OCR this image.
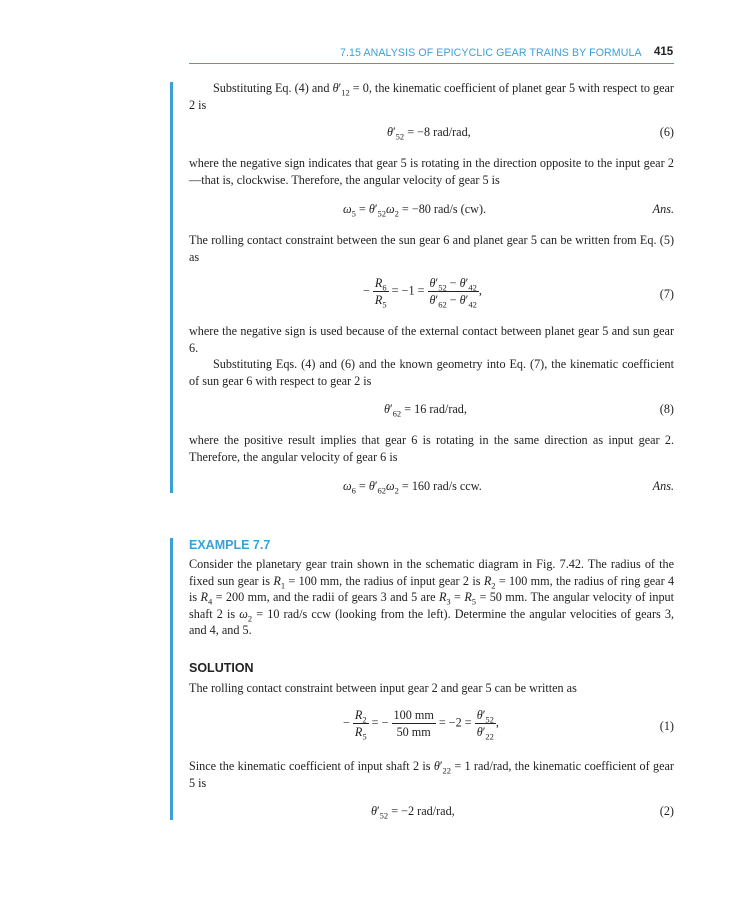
7.15 ANALYSIS OF EPICYCLIC GEAR TRAINS BY FORMULA 415
Substituting Eq. (4) and $\theta'_{12} = 0$, the kinematic coefficient of planet gear 5 with respect to gear 2 is
$\theta'_{52} = -8$ rad/rad,	(6)
where the negative sign indicates that gear 5 is rotating in the direction opposite to the input gear 2—that is, clockwise. Therefore, the angular velocity of gear 5 is
$\omega_5 = \theta'_{52}\omega_2 = -80$ rad/s (cw).	Ans.
The rolling contact constraint between the sun gear 6 and planet gear 5 can be written from Eq. (5) as
− $\frac{R_6}{R_5} = -1 = \frac{\theta'_{52} - \theta'_{42}}{\theta'_{62} - \theta'_{42}}$ ,	(7)
where the negative sign is used because of the external contact between planet gear 5 and sun gear 6.
Substituting Eqs. (4) and (6) and the known geometry into Eq. (7), the kinematic coefficient of sun gear 6 with respect to gear 2 is
$\theta'_{62} = 16$ rad/rad,	(8)
where the positive result implies that gear 6 is rotating in the same direction as input gear 2. Therefore, the angular velocity of gear 6 is
$\omega_6 = \theta'_{62}\omega_2 = 160$ rad/s ccw.	Ans.
EXAMPLE 7.7
Consider the planetary gear train shown in the schematic diagram in Fig. 7.42. The radius of the fixed sun gear is $R_1 = 100$ mm, the radius of input gear 2 is $R_2 = 100$ mm, the radius of ring gear 4 is $R_4 = 200$ mm, and the radii of gears 3 and 5 are $R_3 = R_5 = 50$ mm. The angular velocity of input shaft 2 is $\omega_2 = 10$ rad/s ccw (looking from the left). Determine the angular velocities of gears 3, and 4, and 5.
SOLUTION
The rolling contact constraint between input gear 2 and gear 5 can be written as
− $\frac{R_2}{R_5}$ = − $\frac{100 mm}{50 mm} = -2 = \frac{\theta'_{52}}{\theta'_{22}}$ ,	(1)
Since the kinematic coefficient of input shaft 2 is $\theta'_{22} = 1$ rad/rad, the kinematic coefficient of gear 5 is
$\theta'_{52} = -2$ rad/rad,	(2)
